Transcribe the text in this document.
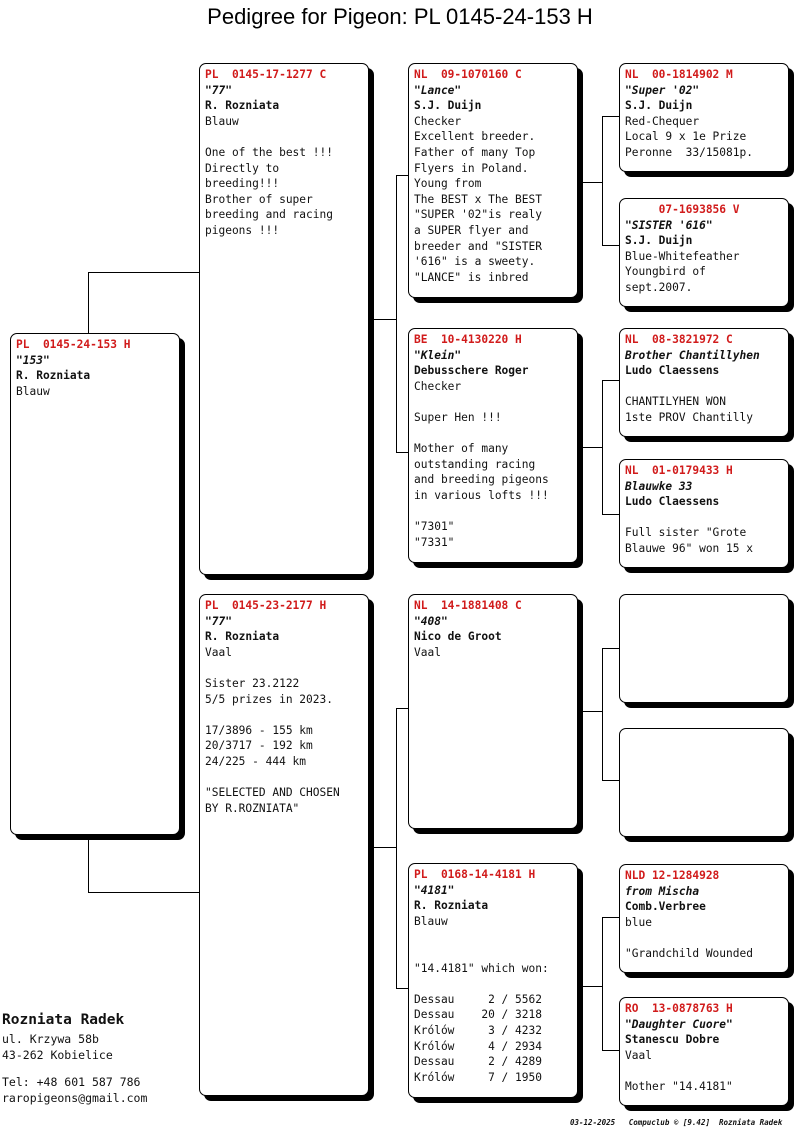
Pedigree for Pigeon: PL 0145-24-153 H
PL  0145-24-153 H
"153"
R. Rozniata
Blauw
PL  0145-17-1277 C
"77"
R. Rozniata
Blauw
One of the best !!!
Directly to
breeding!!!
Brother of super
breeding and racing
pigeons !!!
PL  0145-23-2177 H
"77"
R. Rozniata
Vaal
Sister 23.2122
5/5 prizes in 2023.
17/3896 - 155 km
20/3717 - 192 km
24/225 - 444 km
"SELECTED AND CHOSEN
BY R.ROZNIATA"
NL  09-1070160 C
"Lance"
S.J. Duijn
Checker
Excellent breeder.
Father of many Top
Flyers in Poland.
Young from
The BEST x The BEST
"SUPER '02"is realy
a SUPER flyer and
breeder and "SISTER
'616" is a sweety.
"LANCE" is inbred
BE  10-4130220 H
"Klein"
Debusschere Roger
Checker
Super Hen !!!
Mother of many
outstanding racing
and breeding pigeons
in various lofts !!!
"7301"
"7331"
NL  14-1881408 C
"408"
Nico de Groot
Vaal
PL  0168-14-4181 H
"4181"
R. Rozniata
Blauw
"14.4181" which won:
Dessau     2 / 5562
Dessau    20 / 3218
Królów     3 / 4232
Królów     4 / 2934
Dessau     2 / 4289
Królów     7 / 1950
NL  00-1814902 M
"Super '02"
S.J. Duijn
Red-Chequer
Local 9 x 1e Prize
Peronne  33/15081p.
07-1693856 V
"SISTER '616"
S.J. Duijn
Blue-Whitefeather
Youngbird of
sept.2007.
NL  08-3821972 C
Brother Chantillyhen
Ludo Claessens
CHANTILYHEN WON
1ste PROV Chantilly
NL  01-0179433 H
Blauwke 33
Ludo Claessens
Full sister "Grote
Blauwe 96" won 15 x
NLD 12-1284928
from Mischa
Comb.Verbree
blue
"Grandchild Wounded
RO  13-0878763 H
"Daughter Cuore"
Stanescu Dobre
Vaal
Mother "14.4181"
Rozniata Radek
ul. Krzywa 58b
43-262 Kobielice
Tel: +48 601 587 786
raropigeons@gmail.com
03-12-2025   Compuclub © [9.42]  Rozniata Radek
